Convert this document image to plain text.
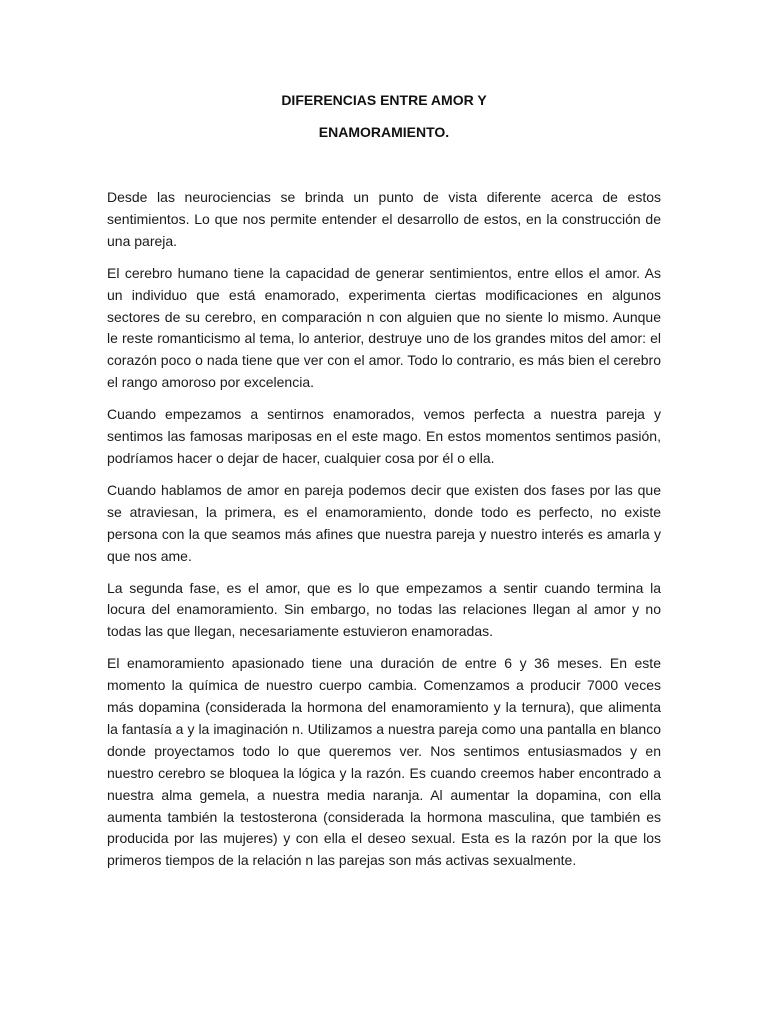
DIFERENCIAS ENTRE AMOR Y
ENAMORAMIENTO.

Desde las neurociencias se brinda un punto de vista diferente acerca de estos sentimientos. Lo que nos permite entender el desarrollo de estos, en la construcción de una pareja.

El cerebro humano tiene la capacidad de generar sentimientos, entre ellos el amor. As un individuo que está enamorado, experimenta ciertas modificaciones en algunos sectores de su cerebro, en comparación n con alguien que no siente lo mismo. Aunque le reste romanticismo al tema, lo anterior, destruye uno de los grandes mitos del amor: el corazón poco o nada tiene que ver con el amor. Todo lo contrario, es más bien el cerebro el rango amoroso por excelencia.

Cuando empezamos a sentirnos enamorados, vemos perfecta a nuestra pareja y sentimos las famosas mariposas en el este mago. En estos momentos sentimos pasión, podríamos hacer o dejar de hacer, cualquier cosa por él o ella.

Cuando hablamos de amor en pareja podemos decir que existen dos fases por las que se atraviesan, la primera, es el enamoramiento, donde todo es perfecto, no existe persona con la que seamos más afines que nuestra pareja y nuestro interés es amarla y que nos ame.

La segunda fase, es el amor, que es lo que empezamos a sentir cuando termina la locura del enamoramiento. Sin embargo, no todas las relaciones llegan al amor y no todas las que llegan, necesariamente estuvieron enamoradas.

El enamoramiento apasionado tiene una duración de entre 6 y 36 meses. En este momento la química de nuestro cuerpo cambia. Comenzamos a producir 7000 veces más dopamina (considerada la hormona del enamoramiento y la ternura), que alimenta la fantasía a y la imaginación n. Utilizamos a nuestra pareja como una pantalla en blanco donde proyectamos todo lo que queremos ver. Nos sentimos entusiasmados y en nuestro cerebro se bloquea la lógica y la razón. Es cuando creemos haber encontrado a nuestra alma gemela, a nuestra media naranja. Al aumentar la dopamina, con ella aumenta también la testosterona (considerada la hormona masculina, que también es producida por las mujeres) y con ella el deseo sexual. Esta es la razón por la que los primeros tiempos de la relación n las parejas son más activas sexualmente.
